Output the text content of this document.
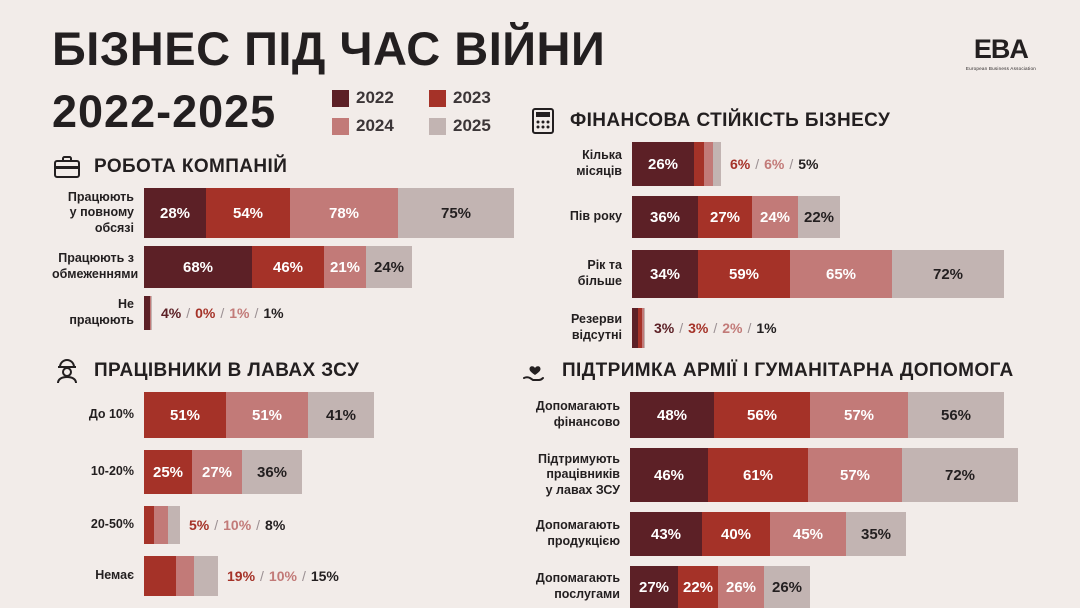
БІЗНЕС ПІД ЧАС ВІЙНИ
2022-2025	2022	2023
2024	2025
EBA
European Business Association
РОБОТА КОМПАНІЙ
Працюють
у повному
обсязі
28%	54%	78%	75%
Працюють з
обмеженнями	68%	46%	21% 24%
Не працюють 4% / 0% / 1% / 1%
ФІНАНСОВА СТІЙКІСТЬ БІЗНЕСУ
Кілька
місяців	26%	6% / 6% / 5%
Пів року	36%	27%	24% 22%
Рік та
більше	34%	59%	65%	72%
Резерви
відсутні 3% / 3% / 2% / 1%
ПРАЦІВНИКИ В ЛАВАХ ЗСУ
До 10%	51%	51%	41%
10-20%	25%	27%	36%
20-50%	5% / 10% / 8%
Немає	19% / 10% / 15%
ПІДТРИМКА АРМІЇ І ГУМАНІТАРНА ДОПОМОГА
Допомагають
фінансово	48%	56%	57%	56%
Підтримують
працівників
у лавах ЗСУ
46%	61%	57%	72%
Допомагають
продукцією	43%	40%	45%	35%
Допомагають
послугами	27% 22% 26%	26%
